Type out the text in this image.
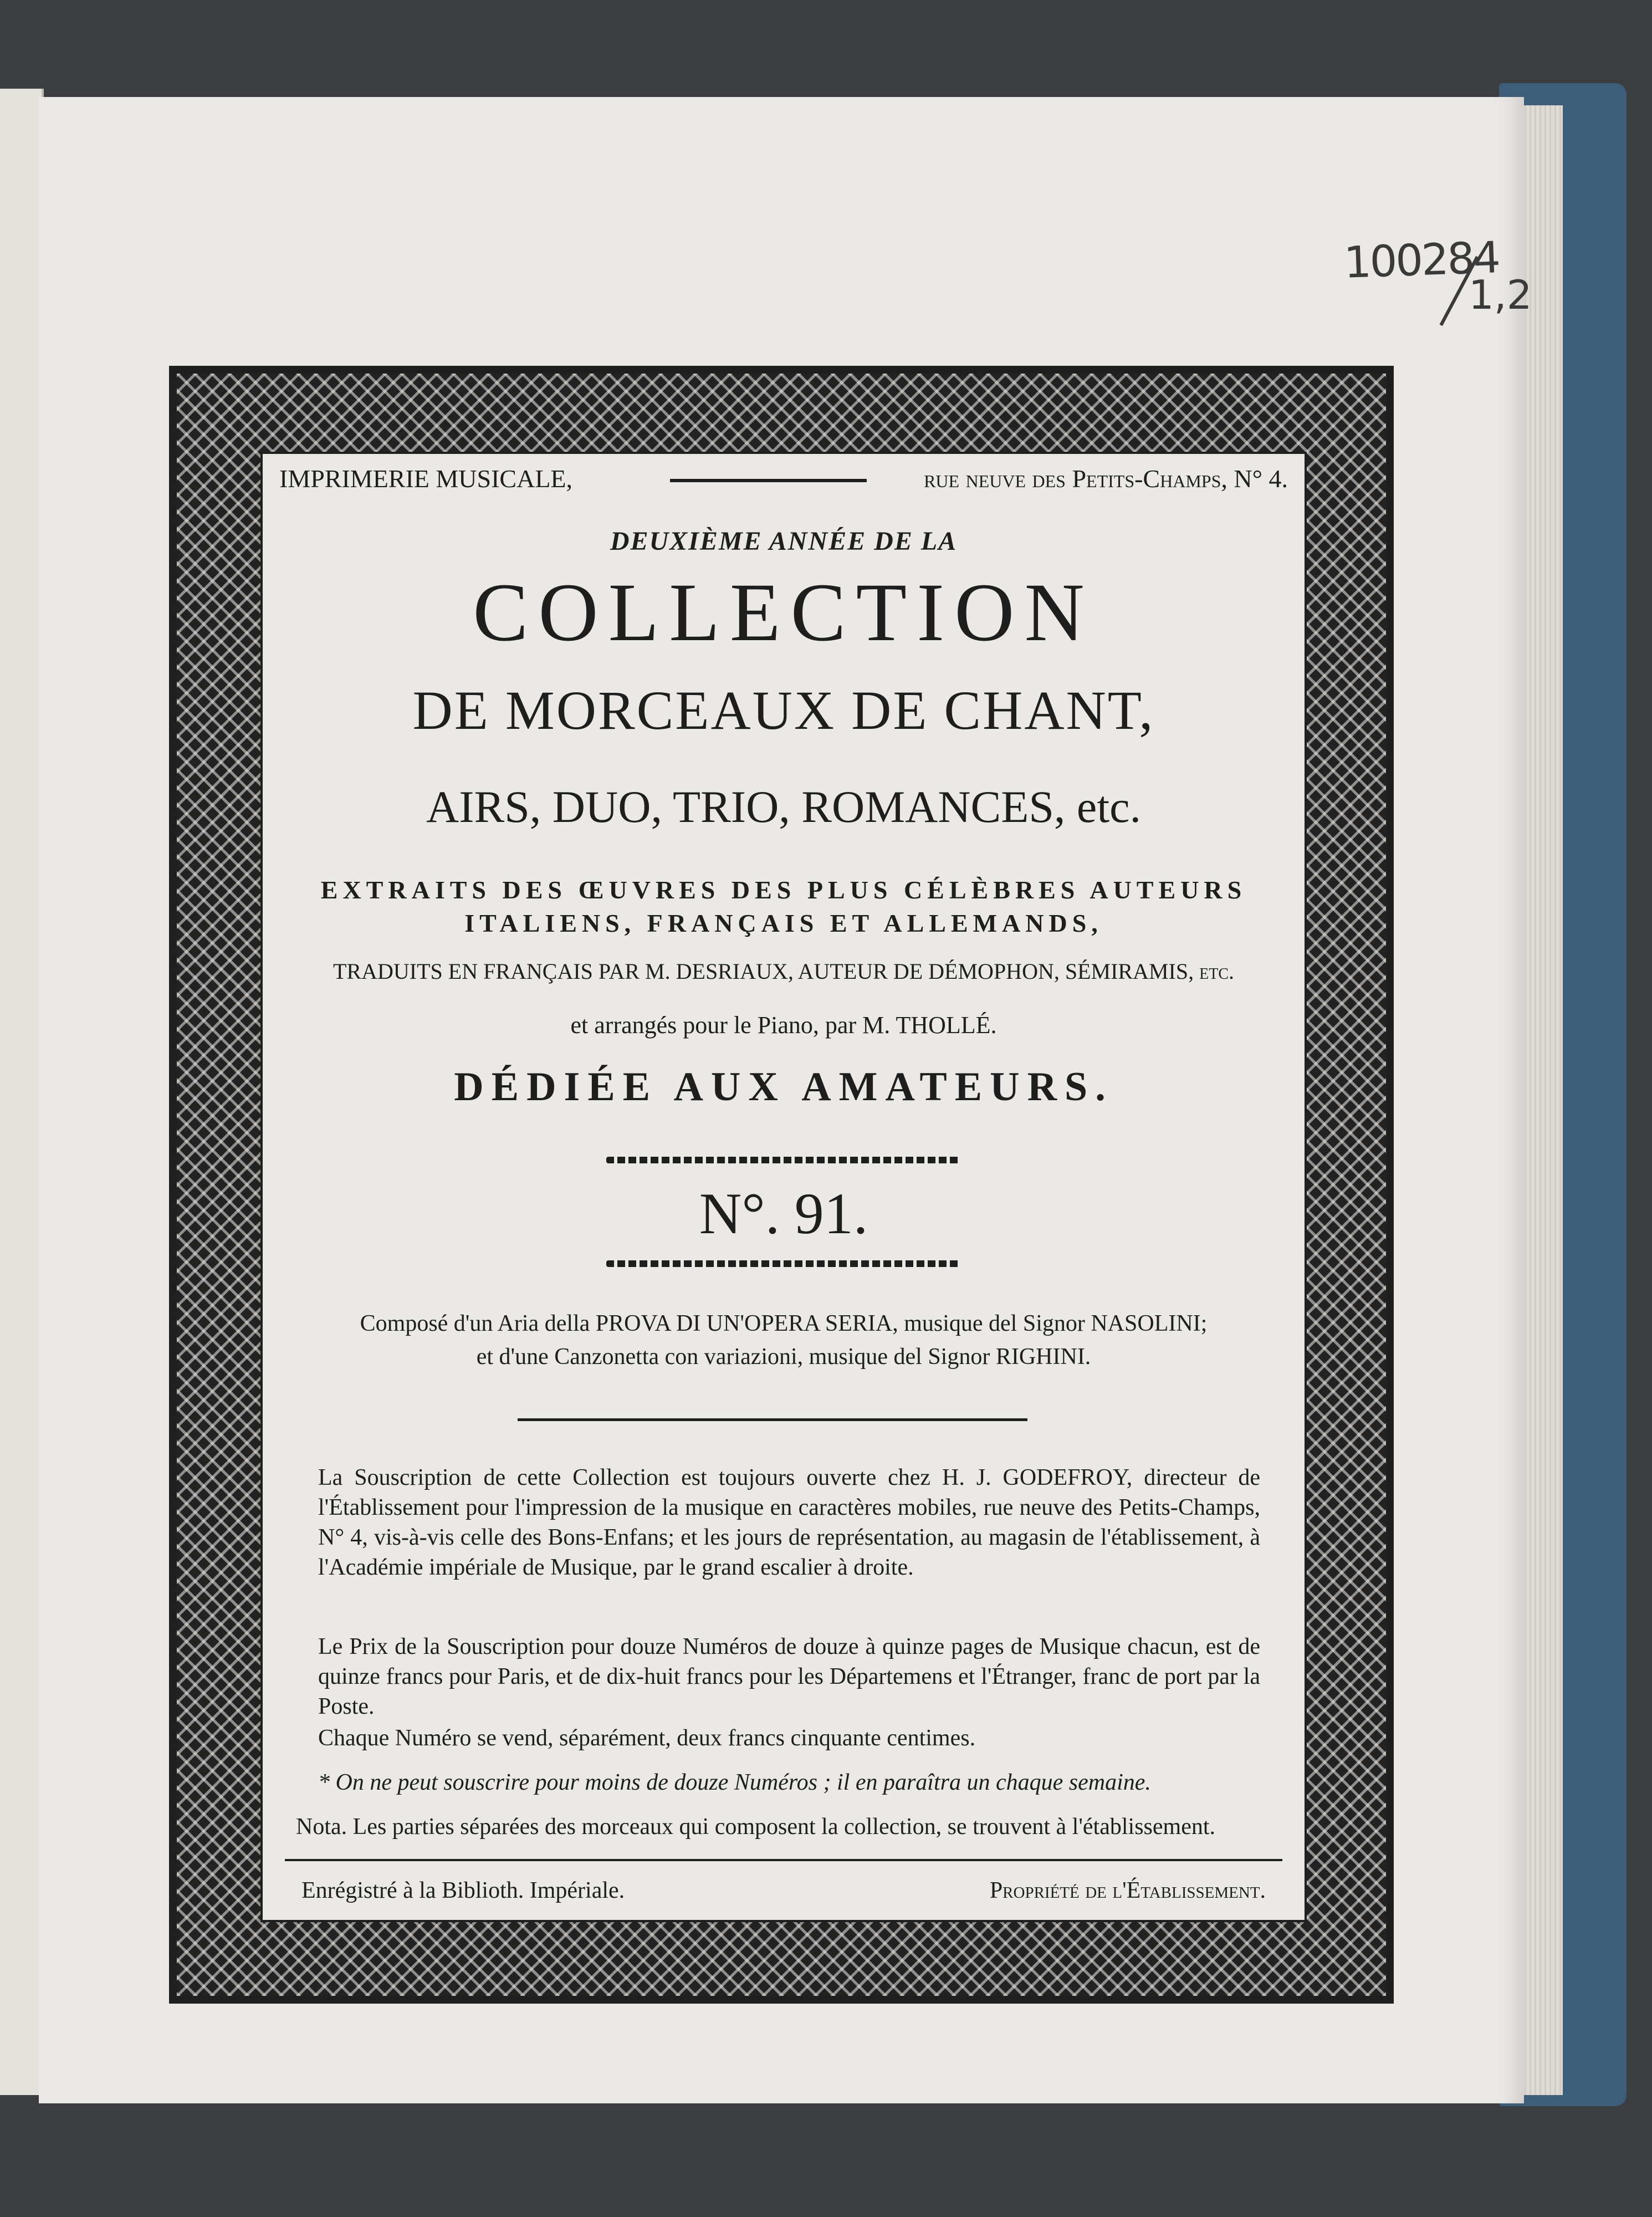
100284
1,2
IMPRIMERIE MUSICALE,	rue neuve des Petits-Champs, N° 4.
DEUXIÈME ANNÉE DE LA
COLLECTION
DE MORCEAUX DE CHANT,
AIRS, DUO, TRIO, ROMANCES, etc.
EXTRAITS DES ŒUVRES DES PLUS CÉLÈBRES AUTEURS
ITALIENS, FRANÇAIS ET ALLEMANDS,
TRADUITS EN FRANÇAIS PAR M. DESRIAUX, AUTEUR DE DÉMOPHON, SÉMIRAMIS, etc.
et arrangés pour le Piano, par M. THOLLÉ.
DÉDIÉE AUX AMATEURS.
N°. 91.
Composé d'un Aria della PROVA DI UN'OPERA SERIA, musique del Signor NASOLINI;
et d'une Canzonetta con variazioni, musique del Signor RIGHINI.
La Souscription de cette Collection est toujours ouverte chez H. J. GODEFROY, directeur de l'Établissement pour l'impression de la musique en caractères mobiles, rue neuve des Petits-Champs, N° 4, vis-à-vis celle des Bons-Enfans; et les jours de représentation, au magasin de l'établissement, à l'Académie impériale de Musique, par le grand escalier à droite.
Le Prix de la Souscription pour douze Numéros de douze à quinze pages de Musique chacun, est de quinze francs pour Paris, et de dix-huit francs pour les Départemens et l'Étranger, franc de port par la Poste.
Chaque Numéro se vend, séparément, deux francs cinquante centimes.
* On ne peut souscrire pour moins de douze Numéros ; il en paraîtra un chaque semaine.
Nota. Les parties séparées des morceaux qui composent la collection, se trouvent à l'établissement.
Enrégistré à la Biblioth. Impériale.	Propriété de l'Établissement.
